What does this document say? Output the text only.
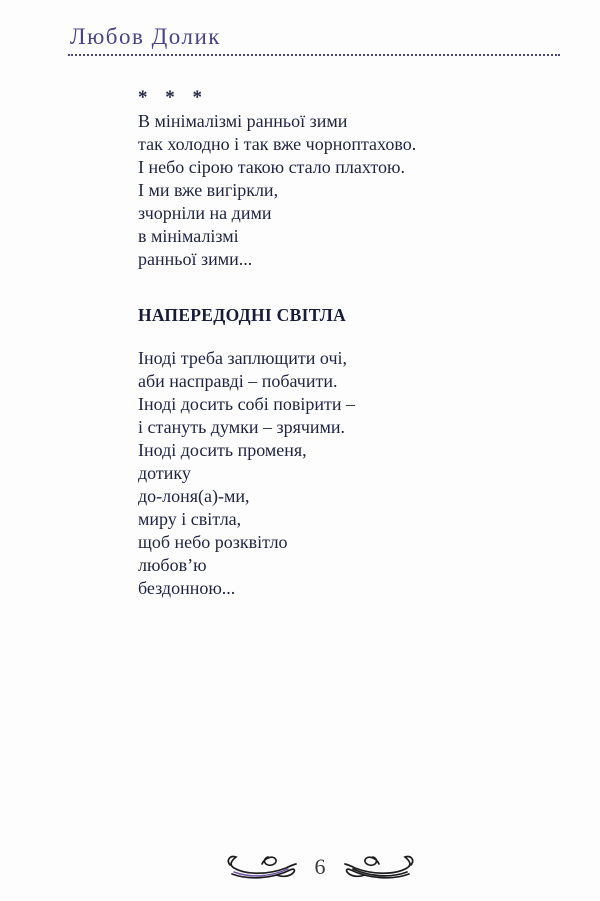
Любов Долик
* * *
В мінімалізмі ранньої зими
так холодно і так вже чорноптахово.
І небо сірою такою стало плахтою.
І ми вже вигіркли,
зчорніли на дими
в мінімалізмі
ранньої зими...
НАПЕРЕДОДНІ СВІТЛА
Іноді треба заплющити очі,
аби насправді – побачити.
Іноді досить собі повірити –
і стануть думки – зрячими.
Іноді досить променя,
дотику
до-лоня(а)-ми,
миру і світла,
щоб небо розквітло
любов’ю
бездонною...
6
